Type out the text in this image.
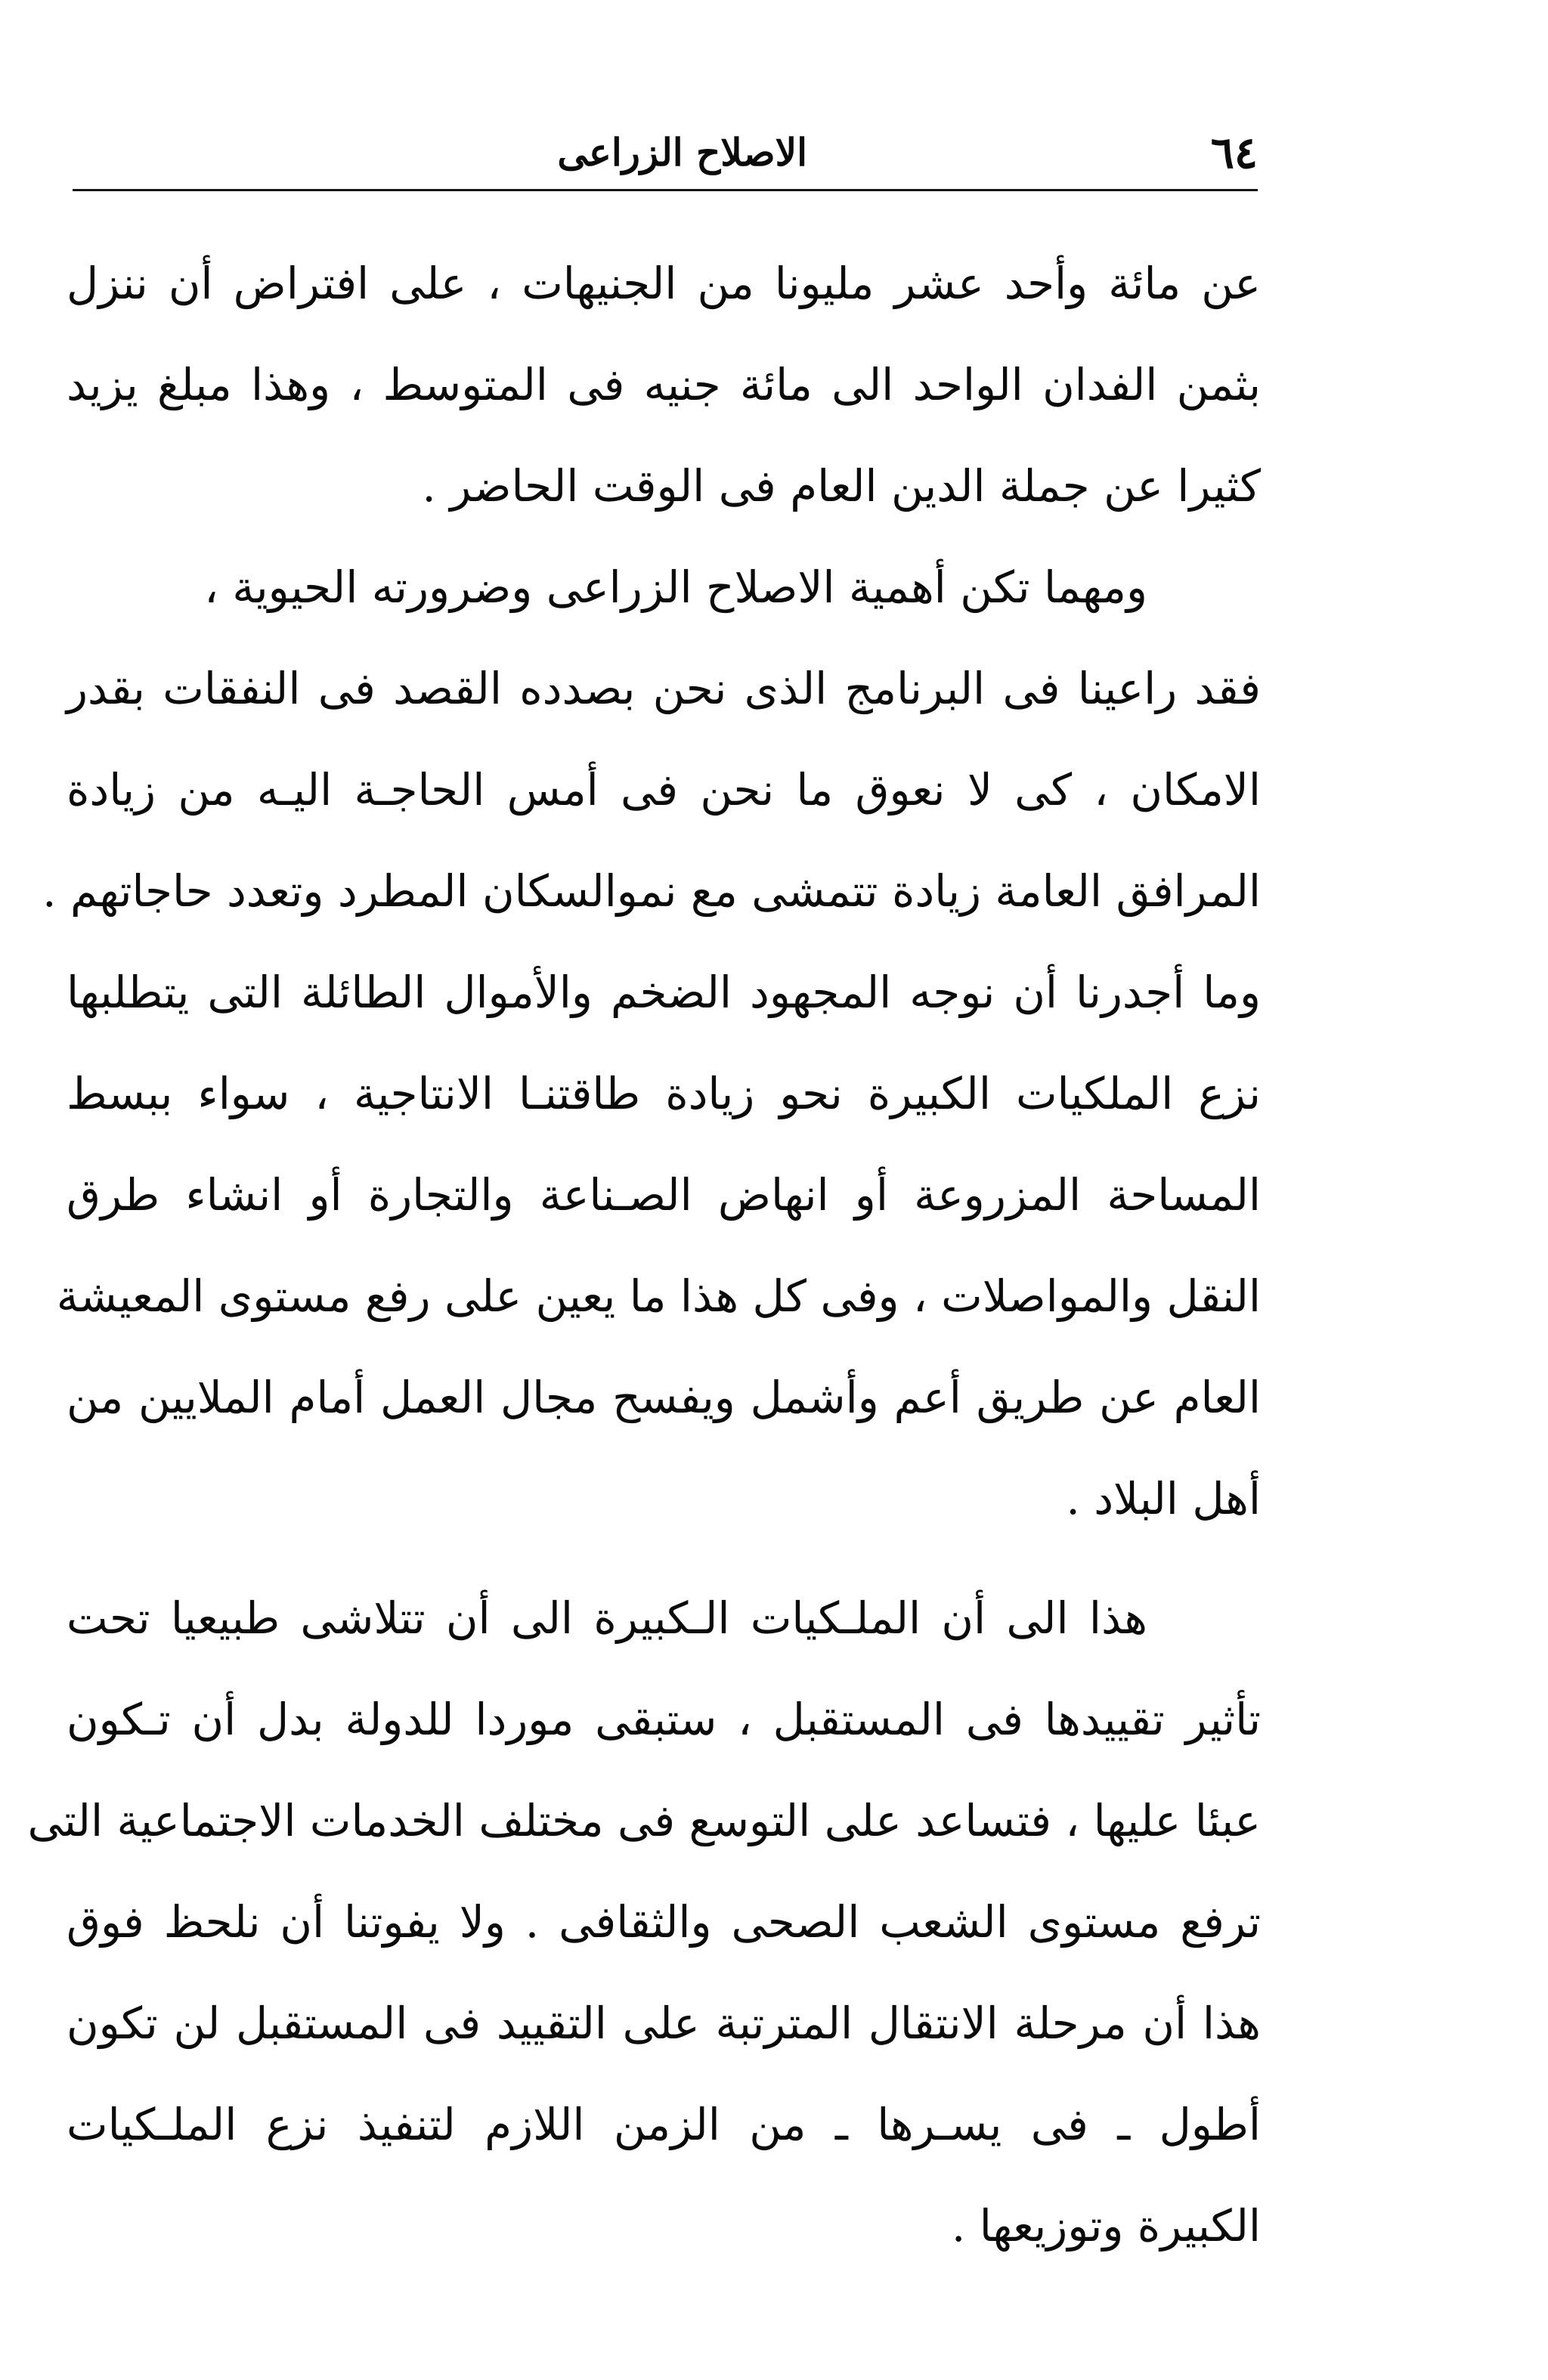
٦٤
الاصلاح الزراعى
عن مائة وأحد عشر مليونا من الجنيهات ، على افتراض أن ننزل
بثمن الفدان الواحد الى مائة جنيه فى المتوسط ، وهذا مبلغ يزيد
كثيرا عن جملة الدين العام فى الوقت الحاضر .
ومهما تكن أهمية الاصلاح الزراعى وضرورته الحيوية ،
فقد راعينا فى البرنامج الذى نحن بصدده القصد فى النفقات بقدر
الامكان ، كى لا نعوق ما نحن فى أمس الحاجـة اليـه من زيادة
المرافق العامة زيادة تتمشى مع نموالسكان المطرد وتعدد حاجاتهم .
وما أجدرنا أن نوجه المجهود الضخم والأموال الطائلة التى يتطلبها
نزع الملكيات الكبيرة نحو زيادة طاقتنـا الانتاجية ، سواء ببسط
المساحة المزروعة أو انهاض الصـناعة والتجارة أو انشاء طرق
النقل والمواصلات ، وفى كل هذا ما يعين على رفع مستوى المعيشة
العام عن طريق أعم وأشمل ويفسح مجال العمل أمام الملايين من
أهل البلاد .
هذا الى أن الملـكيات الـكبيرة الى أن تتلاشى طبيعيا تحت
تأثير تقييدها فى المستقبل ، ستبقى موردا للدولة بدل أن تـكون
عبئا عليها ، فتساعد على التوسع فى مختلف الخدمات الاجتماعية التى
ترفع مستوى الشعب الصحى والثقافى . ولا يفوتنا أن نلحظ فوق
هذا أن مرحلة الانتقال المترتبة على التقييد فى المستقبل لن تكون
أطول ـ فى يسـرها ـ من الزمن اللازم لتنفيذ نزع الملـكيات
الكبيرة وتوزيعها .
